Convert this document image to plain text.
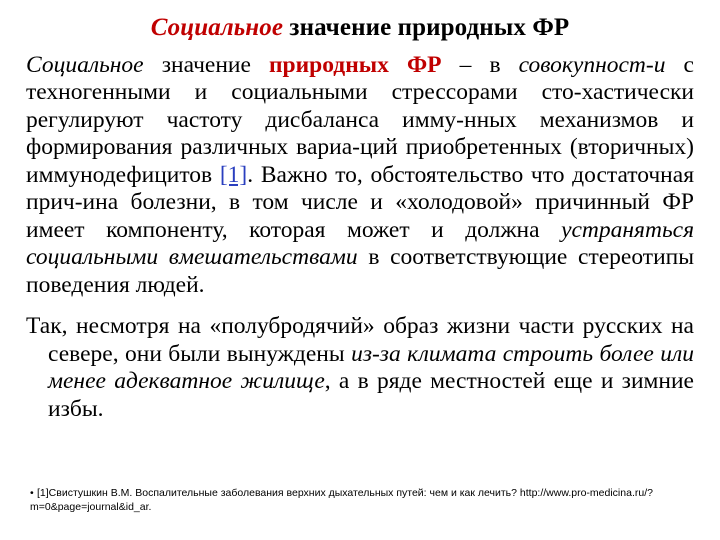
Социальное значение природных ФР

Социальное значение природных ФР – в совокупност-и с техногенными и социальными стрессорами сто-хастически регулируют частоту дисбаланса имму-нных механизмов и формирования различных вариа-ций приобретенных (вторичных) иммунодефицитов [1]. Важно то, обстоятельство что достаточная прич-ина болезни, в том числе и «холодовой» причинный ФР имеет компоненту, которая может и должна устраняться социальными вмешательствами в соответствующие стереотипы поведения людей.

Так, несмотря на «полубродячий» образ жизни части русских на севере, они были вынуждены из-за климата строить более или менее адекватное жилище, а в ряде местностей еще и зимние избы.

• [1]Свистушкин В.М. Воспалительные заболевания верхних дыхательных путей: чем и как лечить? http://www.pro-medicina.ru/?m=0&page=journal&id_ar.
